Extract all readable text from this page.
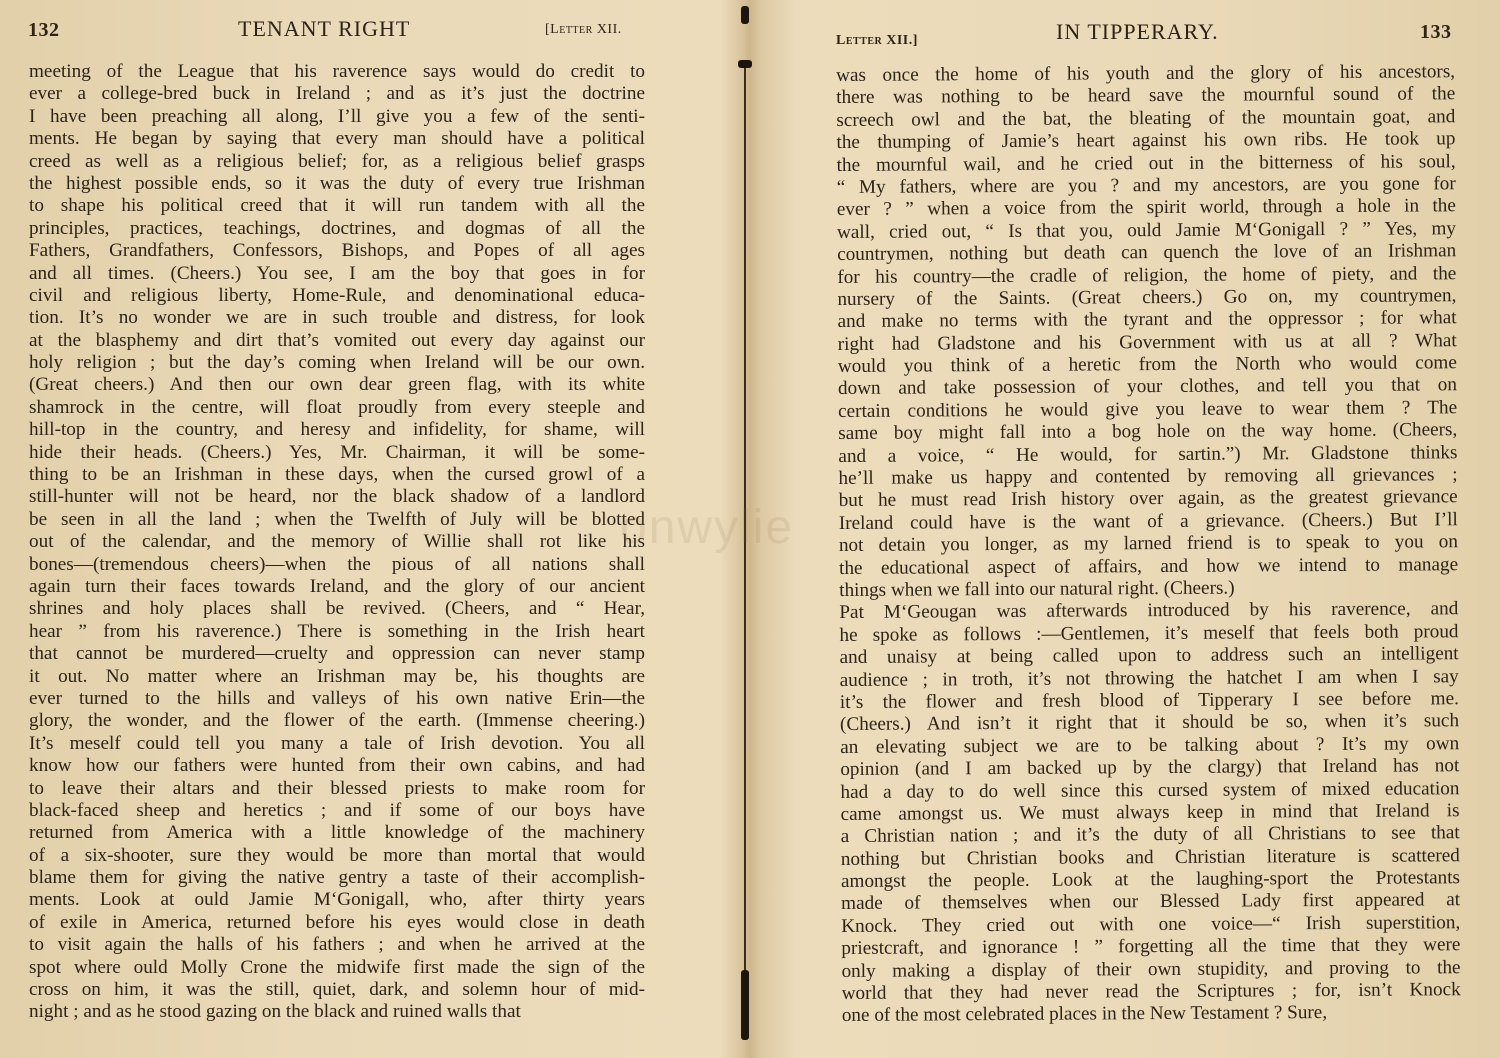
132	TENANT RIGHT	[Letter XII.
meeting of the League that his raverence says would do credit to
ever a college-bred buck in Ireland ; and as it’s just the doctrine
I have been preaching all along, I’ll give you a few of the senti-
ments. He began by saying that every man should have a political
creed as well as a religious belief; for, as a religious belief grasps
the highest possible ends, so it was the duty of every true Irishman
to shape his political creed that it will run tandem with all the
principles, practices, teachings, doctrines, and dogmas of all the
Fathers, Grandfathers, Confessors, Bishops, and Popes of all ages
and all times. (Cheers.) You see, I am the boy that goes in for
civil and religious liberty, Home-Rule, and denominational educa-
tion. It’s no wonder we are in such trouble and distress, for look
at the blasphemy and dirt that’s vomited out every day against our
holy religion ; but the day’s coming when Ireland will be our own.
(Great cheers.) And then our own dear green flag, with its white
shamrock in the centre, will float proudly from every steeple and
hill-top in the country, and heresy and infidelity, for shame, will
hide their heads. (Cheers.) Yes, Mr. Chairman, it will be some-
thing to be an Irishman in these days, when the cursed growl of a
still-hunter will not be heard, nor the black shadow of a landlord
be seen in all the land ; when the Twelfth of July will be blotted
out of the calendar, and the memory of Willie shall rot like his
bones—(tremendous cheers)—when the pious of all nations shall
again turn their faces towards Ireland, and the glory of our ancient
shrines and holy places shall be revived. (Cheers, and “ Hear,
hear ” from his raverence.) There is something in the Irish heart
that cannot be murdered—cruelty and oppression can never stamp
it out. No matter where an Irishman may be, his thoughts are
ever turned to the hills and valleys of his own native Erin—the
glory, the wonder, and the flower of the earth. (Immense cheering.)
It’s meself could tell you many a tale of Irish devotion. You all
know how our fathers were hunted from their own cabins, and had
to leave their altars and their blessed priests to make room for
black-faced sheep and heretics ; and if some of our boys have
returned from America with a little knowledge of the machinery
of a six-shooter, sure they would be more than mortal that would
blame them for giving the native gentry a taste of their accomplish-
ments. Look at ould Jamie M‘Gonigall, who, after thirty years
of exile in America, returned before his eyes would close in death
to visit again the halls of his fathers ; and when he arrived at the
spot where ould Molly Crone the midwife first made the sign of the
cross on him, it was the still, quiet, dark, and solemn hour of mid-
night ; and as he stood gazing on the black and ruined walls that
Letter XII.]	IN TIPPERARY.	133
was once the home of his youth and the glory of his ancestors,
there was nothing to be heard save the mournful sound of the
screech owl and the bat, the bleating of the mountain goat, and
the thumping of Jamie’s heart against his own ribs. He took up
the mournful wail, and he cried out in the bitterness of his soul,
“ My fathers, where are you ? and my ancestors, are you gone for
ever ? ” when a voice from the spirit world, through a hole in the
wall, cried out, “ Is that you, ould Jamie M‘Gonigall ? ” Yes, my
countrymen, nothing but death can quench the love of an Irishman
for his country—the cradle of religion, the home of piety, and the
nursery of the Saints. (Great cheers.) Go on, my countrymen,
and make no terms with the tyrant and the oppressor ; for what
right had Gladstone and his Government with us at all ? What
would you think of a heretic from the North who would come
down and take possession of your clothes, and tell you that on
certain conditions he would give you leave to wear them ? The
same boy might fall into a bog hole on the way home. (Cheers,
and a voice, “ He would, for sartin.”) Mr. Gladstone thinks
he’ll make us happy and contented by removing all grievances ;
but he must read Irish history over again, as the greatest grievance
Ireland could have is the want of a grievance. (Cheers.) But I’ll
not detain you longer, as my larned friend is to speak to you on
the educational aspect of affairs, and how we intend to manage
things when we fall into our natural right. (Cheers.)
Pat M‘Geougan was afterwards introduced by his raverence, and
he spoke as follows :—Gentlemen, it’s meself that feels both proud
and unaisy at being called upon to address such an intelligent
audience ; in troth, it’s not throwing the hatchet I am when I say
it’s the flower and fresh blood of Tipperary I see before me.
(Cheers.) And isn’t it right that it should be so, when it’s such
an elevating subject we are to be talking about ? It’s my own
opinion (and I am backed up by the clargy) that Ireland has not
had a day to do well since this cursed system of mixed education
came amongst us. We must always keep in mind that Ireland is
a Christian nation ; and it’s the duty of all Christians to see that
nothing but Christian books and Christian literature is scattered
amongst the people. Look at the laughing-sport the Protestants
made of themselves when our Blessed Lady first appeared at
Knock. They cried out with one voice—“ Irish superstition,
priestcraft, and ignorance ! ” forgetting all the time that they were
only making a display of their own stupidity, and proving to the
world that they had never read the Scriptures ; for, isn’t Knock
one of the most celebrated places in the New Testament ? Sure,
onwylie
